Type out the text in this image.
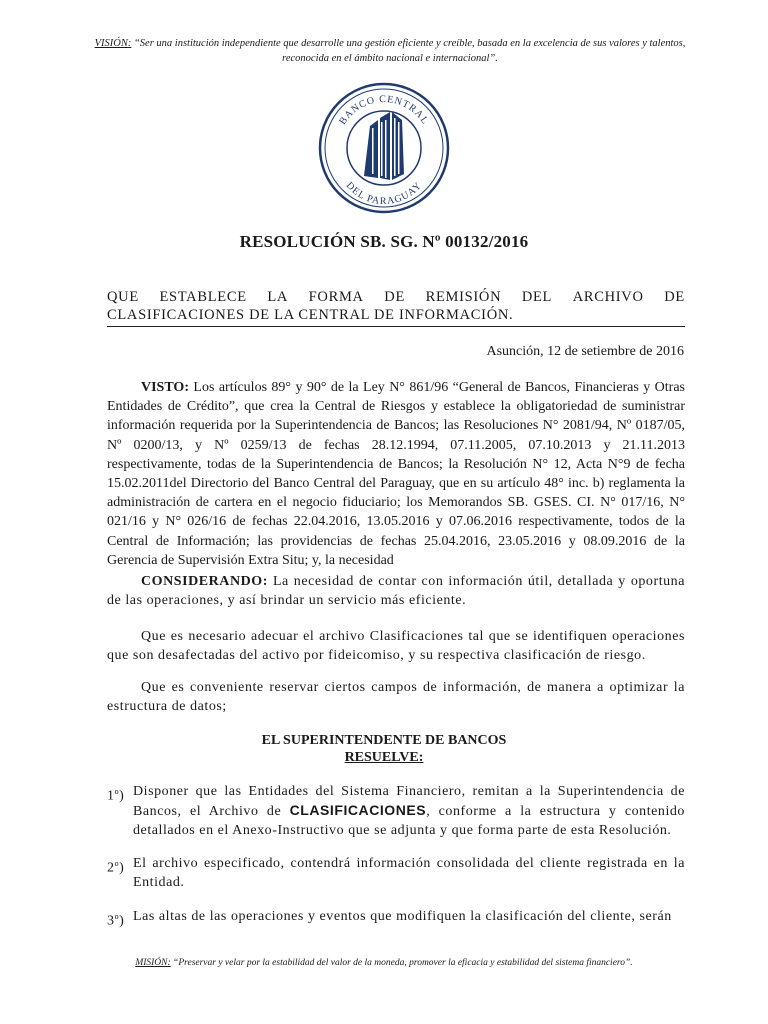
VISIÓN: “Ser una institución independiente que desarrolle una gestión eficiente y creíble, basada en la excelencia de sus valores y talentos,
reconocida en el ámbito nacional e internacional”.
BANCO CENTRAL
DEL PARAGUAY
RESOLUCIÓN SB. SG. Nº 00132/2016
QUE ESTABLECE LA FORMA DE REMISIÓN DEL ARCHIVO DE
CLASIFICACIONES DE LA CENTRAL DE INFORMACIÓN.
Asunción, 12 de setiembre de 2016

VISTO: Los artículos 89° y 90° de la Ley N° 861/96 “General de Bancos, Financieras y Otras Entidades de Crédito”, que crea la Central de Riesgos y establece la obligatoriedad de suministrar información requerida por la Superintendencia de Bancos; las Resoluciones N° 2081/94, Nº 0187/05, Nº 0200/13, y Nº 0259/13 de fechas 28.12.1994, 07.11.2005, 07.10.2013 y 21.11.2013 respectivamente, todas de la Superintendencia de Bancos; la Resolución N° 12, Acta N°9 de fecha 15.02.2011del Directorio del Banco Central del Paraguay, que en su artículo 48° inc. b) reglamenta la administración de cartera en el negocio fiduciario; los Memorandos SB. GSES. CI. N° 017/16, N° 021/16 y N° 026/16 de fechas 22.04.2016, 13.05.2016 y 07.06.2016 respectivamente, todos de la Central de Información; las providencias de fechas 25.04.2016, 23.05.2016 y 08.09.2016 de la Gerencia de Supervisión Extra Situ; y, la necesidad

CONSIDERANDO: La necesidad de contar con información útil, detallada y oportuna de las operaciones, y así brindar un servicio más eficiente.

Que es necesario adecuar el archivo Clasificaciones tal que se identifiquen operaciones que son desafectadas del activo por fideicomiso, y su respectiva clasificación de riesgo.

Que es conveniente reservar ciertos campos de información, de manera a optimizar la estructura de datos;

EL SUPERINTENDENTE DE BANCOS
RESUELVE:
1$^o$) Disponer que las Entidades del Sistema Financiero, remitan a la Superintendencia de Bancos, el Archivo de CLASIFICACIONES, conforme a la estructura y contenido detallados en el Anexo-Instructivo que se adjunta y que forma parte de esta Resolución.
2$^o$) El archivo especificado, contendrá información consolidada del cliente registrada en la Entidad.
3$^o$) Las altas de las operaciones y eventos que modifiquen la clasificación del cliente, serán
MISIÓN: “Preservar y velar por la estabilidad del valor de la moneda, promover la eficacia y estabilidad del sistema financiero”.
